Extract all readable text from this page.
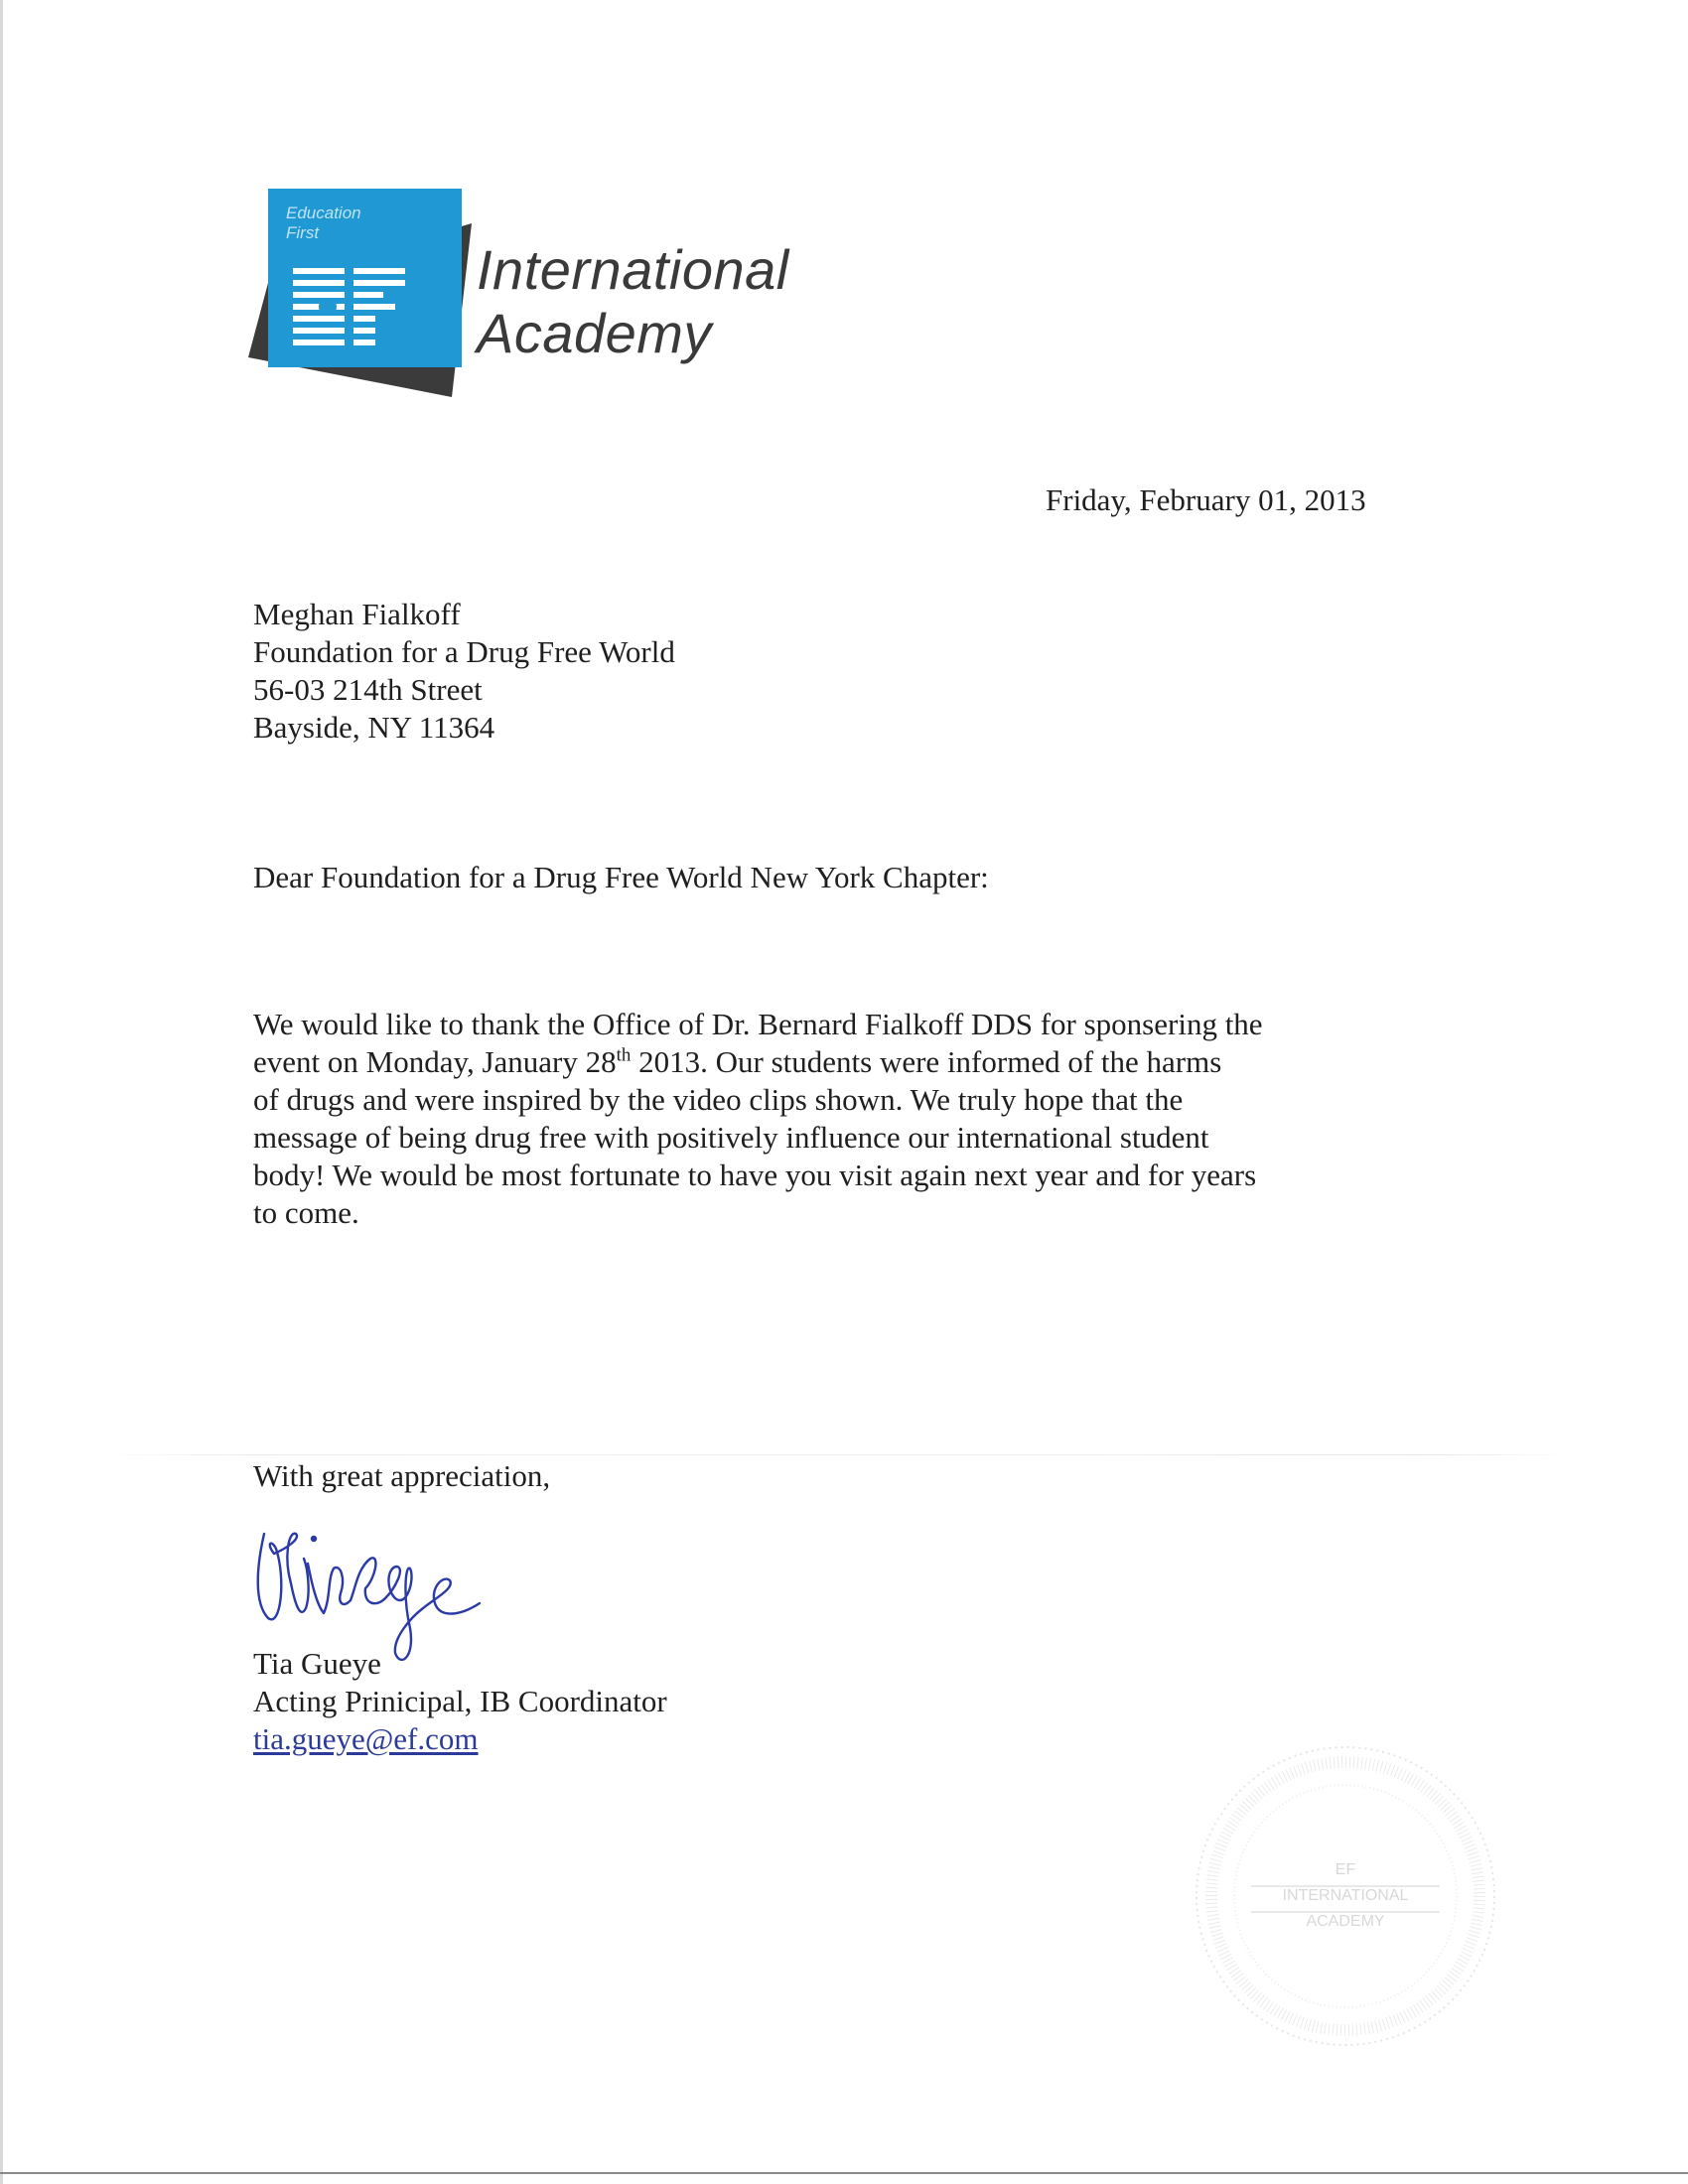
Education
First
International
Academy
Friday, February 01, 2013
Meghan Fialkoff
Foundation for a Drug Free World
56-03 214th Street
Bayside, NY 11364
Dear Foundation for a Drug Free World New York Chapter:
We would like to thank the Office of Dr. Bernard Fialkoff DDS for sponsering the
event on Monday, January 28th 2013. Our students were informed of the harms
of drugs and were inspired by the video clips shown. We truly hope that the
message of being drug free with positively influence our international student
body! We would be most fortunate to have you visit again next year and for years
to come.
With great appreciation,
Tia Gueye
Acting Prinicipal, IB Coordinator
tia.gueye@ef.com
EF
INTERNATIONAL
ACADEMY
